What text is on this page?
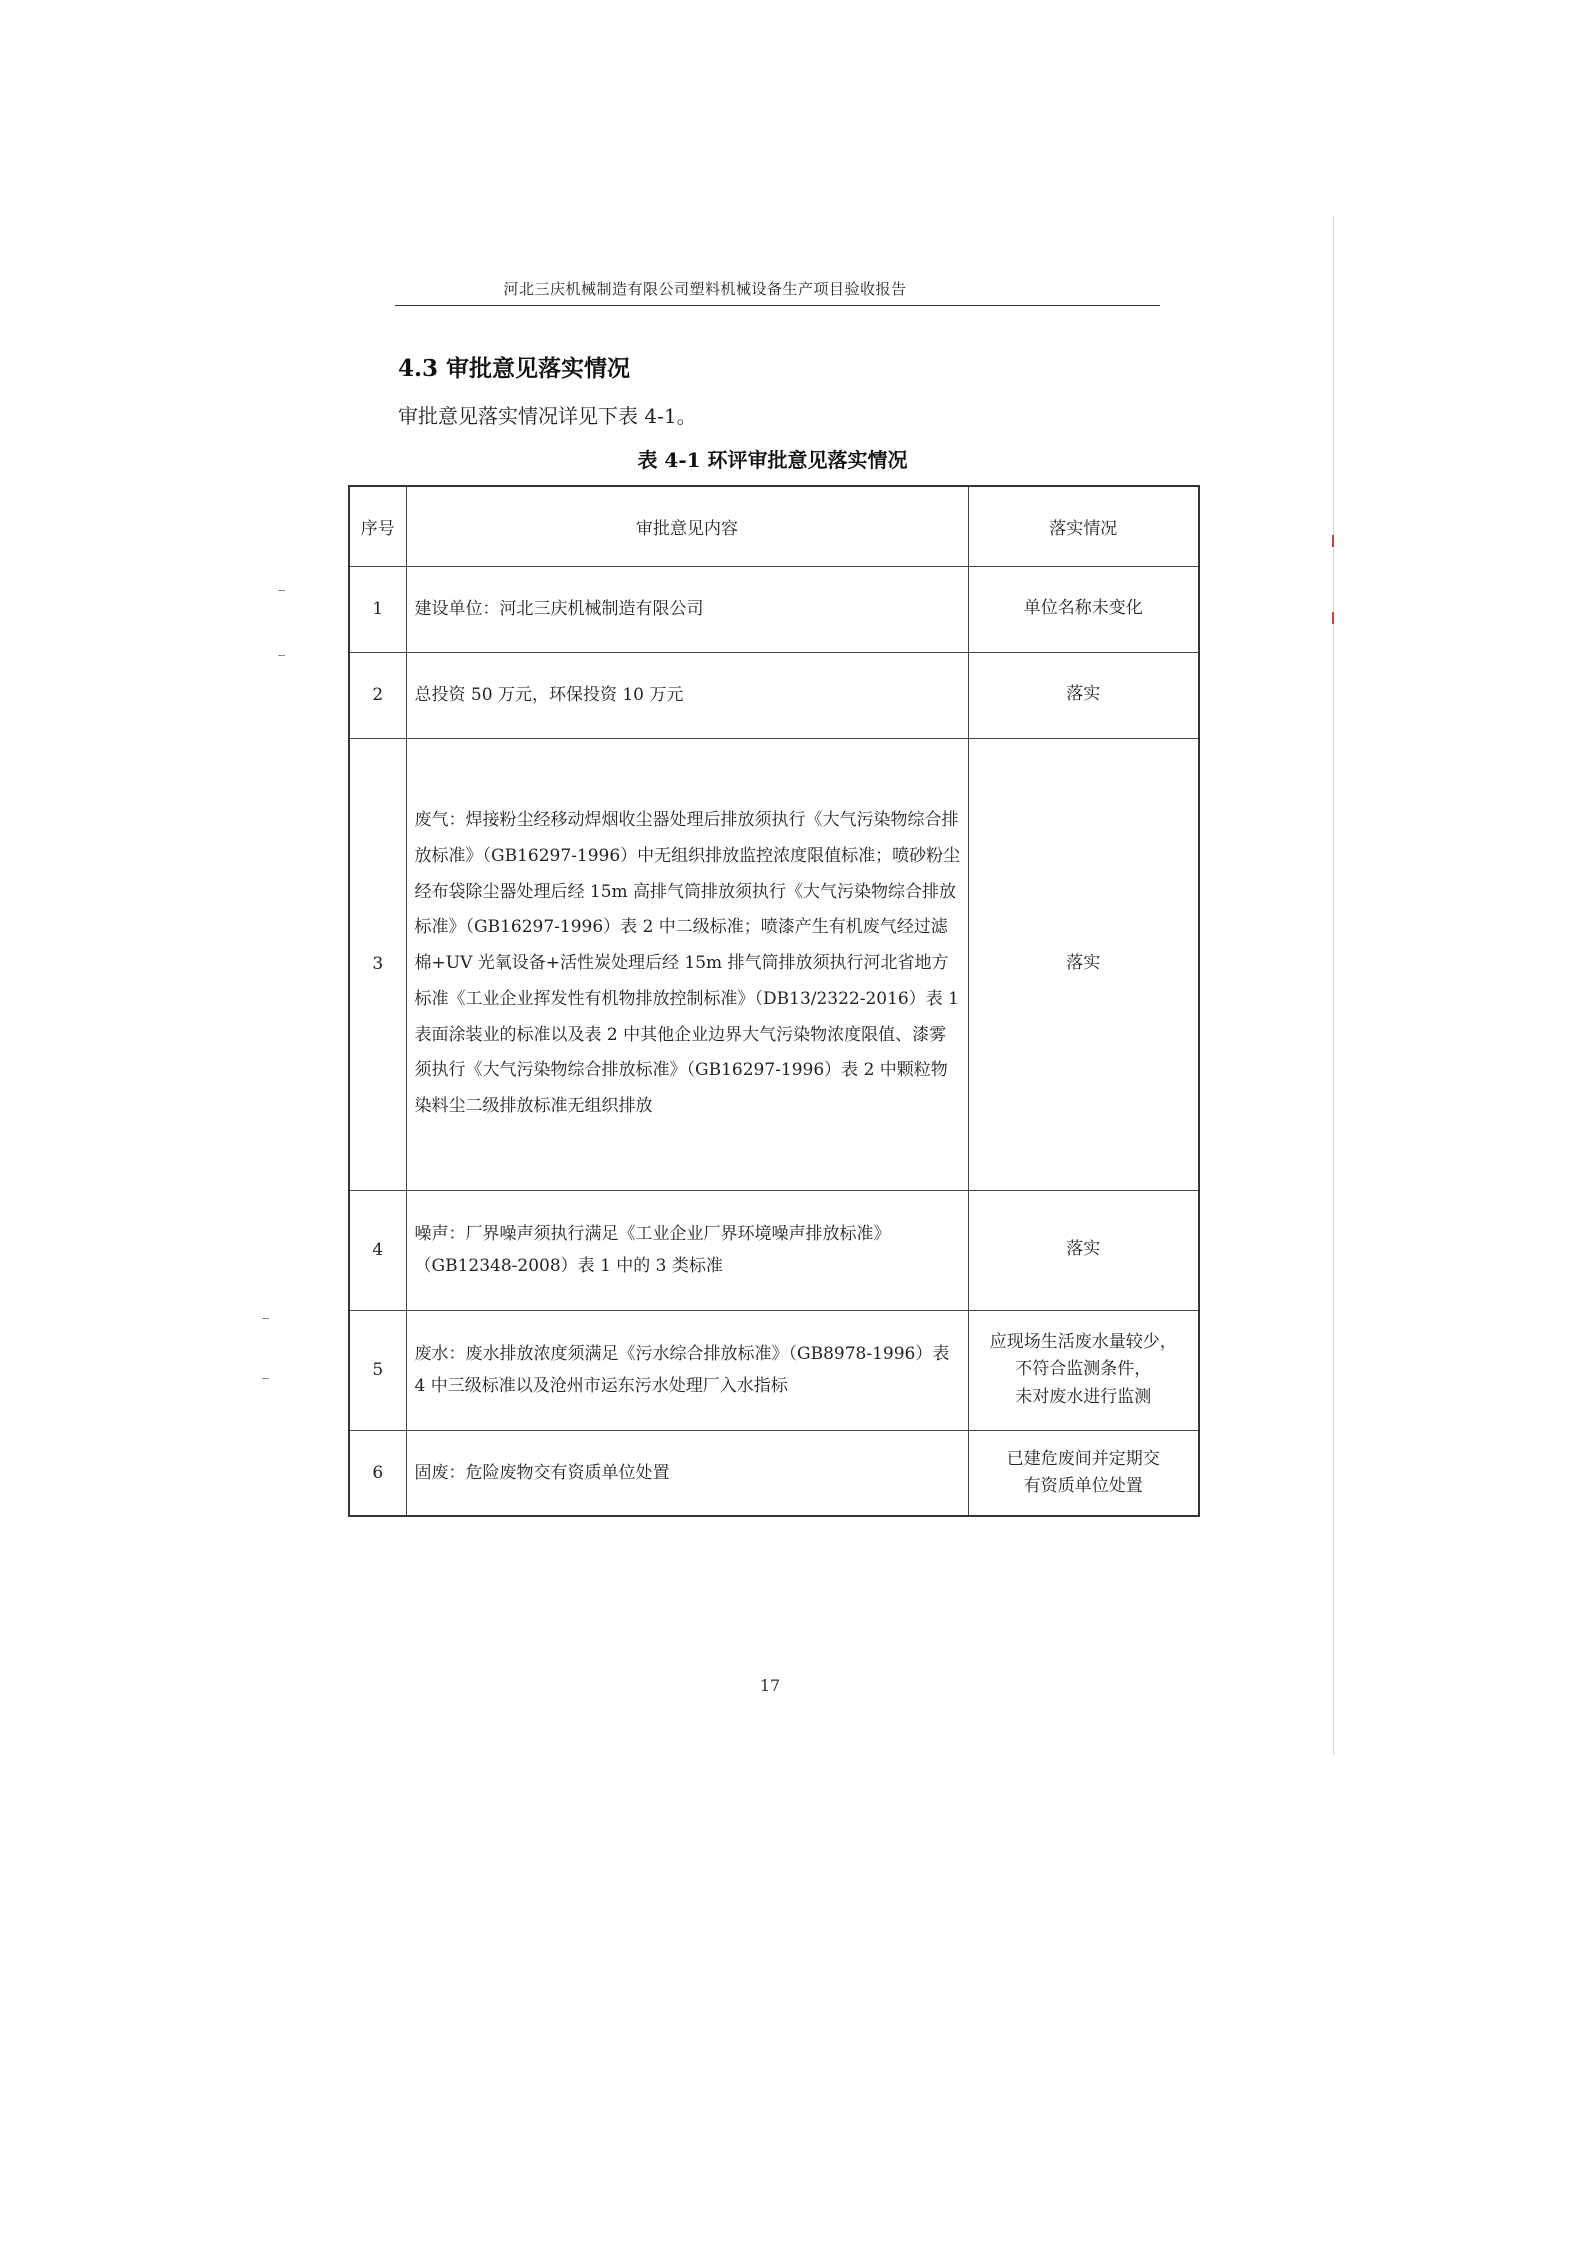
河北三庆机械制造有限公司塑料机械设备生产项目验收报告
4.3 审批意见落实情况
审批意见落实情况详见下表 4-1。
表 4-1 环评审批意见落实情况
序号	审批意见内容	落实情况
1	建设单位：河北三庆机械制造有限公司	单位名称未变化
2	总投资 50 万元，环保投资 10 万元	落实
3	废气：焊接粉尘经移动焊烟收尘器处理后排放须执行《大气污染物综合排放标准》（GB16297-1996）中无组织排放监控浓度限值标准；喷砂粉尘经布袋除尘器处理后经 15m 高排气筒排放须执行《大气污染物综合排放标准》（GB16297-1996）表 2 中二级标准；喷漆产生有机废气经过滤棉+UV 光氧设备+活性炭处理后经 15m 排气筒排放须执行河北省地方标准《工业企业挥发性有机物排放控制标准》（DB13/2322-2016）表 1 表面涂装业的标准以及表 2 中其他企业边界大气污染物浓度限值、漆雾须执行《大气污染物综合排放标准》（GB16297-1996）表 2 中颗粒物染料尘二级排放标准无组织排放	落实
4	噪声：厂界噪声须执行满足《工业企业厂界环境噪声排放标准》（GB12348-2008）表 1 中的 3 类标准	落实
5	废水：废水排放浓度须满足《污水综合排放标准》（GB8978-1996）表 4 中三级标准以及沧州市运东污水处理厂入水指标	应现场生活废水量较少，
不符合监测条件，
未对废水进行监测

6	固废：危险废物交有资质单位处置	已建危废间并定期交
有资质单位处置
17
